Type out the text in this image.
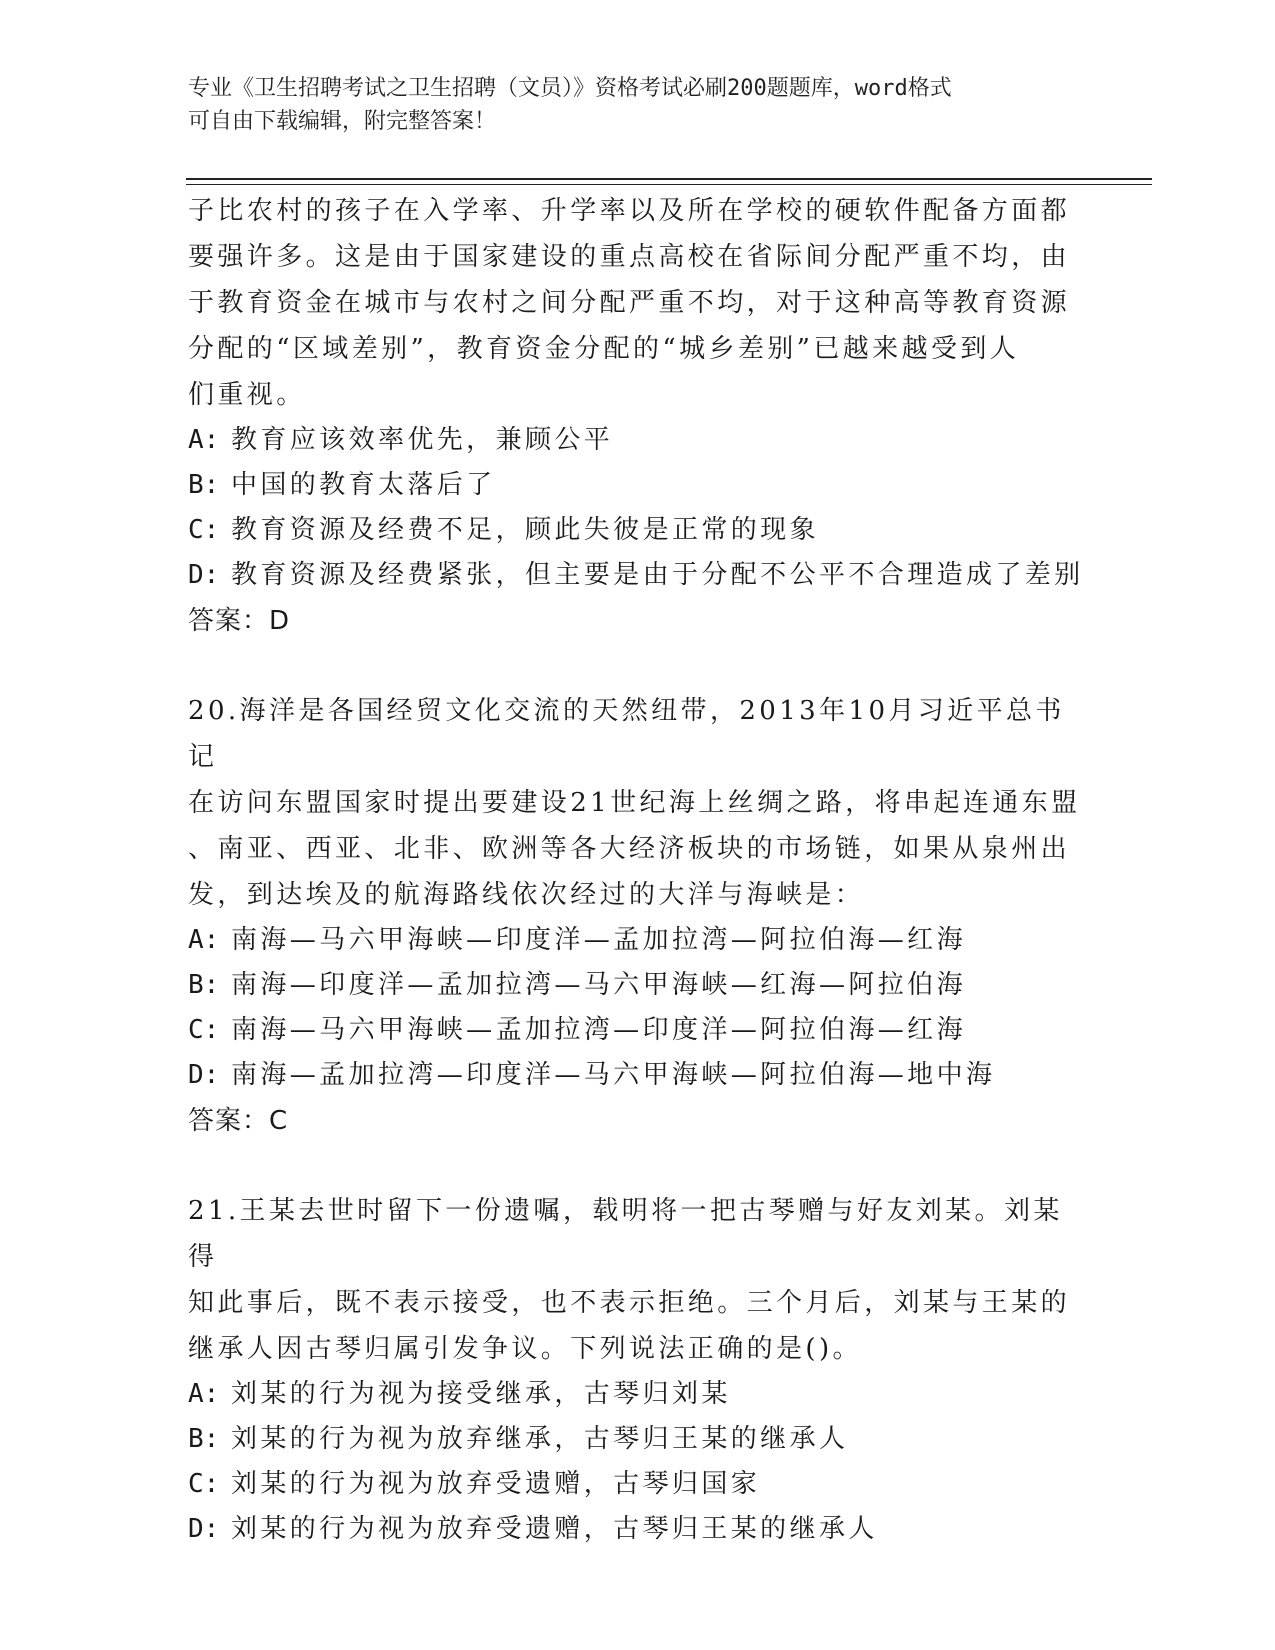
专业《卫生招聘考试之卫生招聘（文员）》资格考试必刷200题题库，word格式
可自由下载编辑，附完整答案！

子比农村的孩子在入学率、升学率以及所在学校的硬软件配备方面都

要强许多。这是由于国家建设的重点高校在省际间分配严重不均，由

于教育资金在城市与农村之间分配严重不均，对于这种高等教育资源

分配的“区域差别”，教育资金分配的“城乡差别”已越来越受到人

们重视。

A: 教育应该效率优先，兼顾公平

B: 中国的教育太落后了

C: 教育资源及经费不足，顾此失彼是正常的现象

D: 教育资源及经费紧张，但主要是由于分配不公平不合理造成了差别

答案：D

20.海洋是各国经贸文化交流的天然纽带，2013年10月习近平总书记

在访问东盟国家时提出要建设21世纪海上丝绸之路，将串起连通东盟

、南亚、西亚、北非、欧洲等各大经济板块的市场链，如果从泉州出

发，到达埃及的航海路线依次经过的大洋与海峡是：

A: 南海—马六甲海峡—印度洋—孟加拉湾—阿拉伯海—红海

B: 南海—印度洋—孟加拉湾—马六甲海峡—红海—阿拉伯海

C: 南海—马六甲海峡—孟加拉湾—印度洋—阿拉伯海—红海

D: 南海—孟加拉湾—印度洋—马六甲海峡—阿拉伯海—地中海

答案：C

21.王某去世时留下一份遗嘱，载明将一把古琴赠与好友刘某。刘某得

知此事后，既不表示接受，也不表示拒绝。三个月后，刘某与王某的

继承人因古琴归属引发争议。下列说法正确的是()。

A: 刘某的行为视为接受继承，古琴归刘某

B: 刘某的行为视为放弃继承，古琴归王某的继承人

C: 刘某的行为视为放弃受遗赠，古琴归国家

D: 刘某的行为视为放弃受遗赠，古琴归王某的继承人
